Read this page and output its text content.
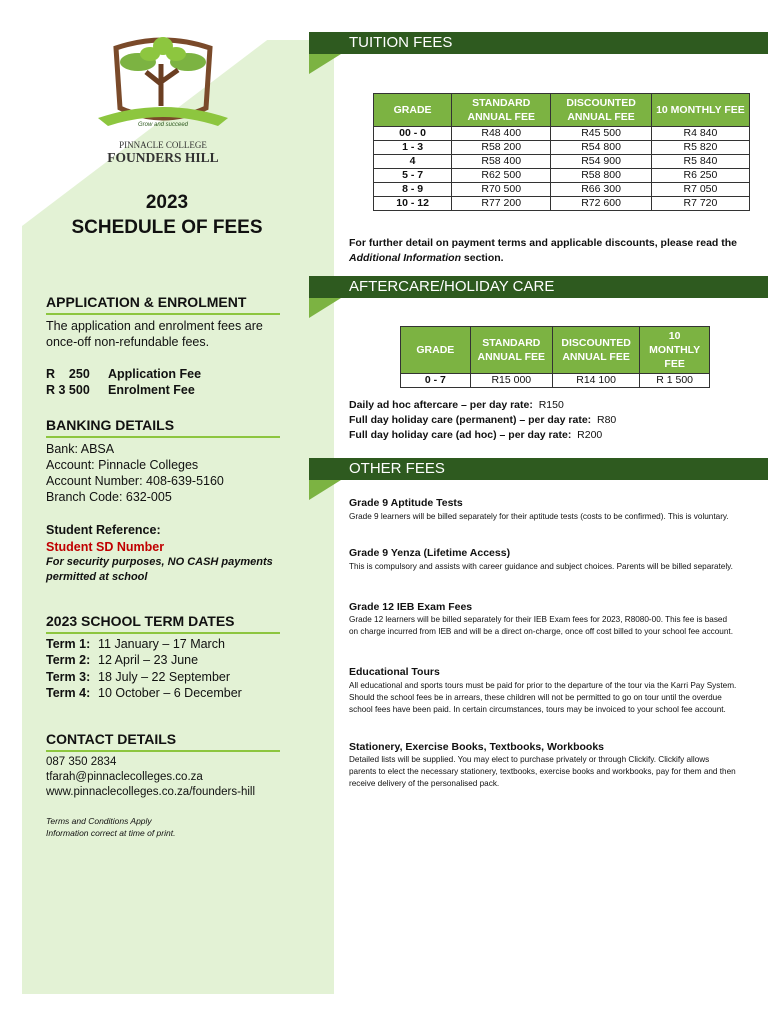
Grow and succeed
PINNACLE COLLEGE
FOUNDERS HILL
2023
SCHEDULE OF FEES
APPLICATION & ENROLMENT
The application and enrolment fees are once-off non-refundable fees.
R    250 Application Fee
R 3 500 Enrolment Fee
BANKING DETAILS
Bank: ABSA
Account: Pinnacle Colleges
Account Number: 408-639-5160
Branch Code: 632-005
Student Reference:
Student SD Number
For security purposes, NO CASH payments permitted at school
2023 SCHOOL TERM DATES
Term 1: 11 January – 17 March
Term 2: 12 April – 23 June
Term 3: 18 July – 22 September
Term 4: 10 October – 6 December
CONTACT DETAILS
087 350 2834
tfarah@pinnaclecolleges.co.za
www.pinnaclecolleges.co.za/founders-hill
Terms and Conditions Apply
Information correct at time of print.
TUITION FEES
GRADE	STANDARD ANNUAL FEE	DISCOUNTED ANNUAL FEE	10 MONTHLY FEE
00 - 0	R48 400	R45 500	R4 840
1 - 3	R58 200	R54 800	R5 820
4	R58 400	R54 900	R5 840
5 - 7	R62 500	R58 800	R6 250
8 - 9	R70 500	R66 300	R7 050
10 - 12	R77 200	R72 600	R7 720
For further detail on payment terms and applicable discounts, please read the Additional Information section.
AFTERCARE/HOLIDAY CARE
GRADE	STANDARD ANNUAL FEE	DISCOUNTED ANNUAL FEE	10 MONTHLY FEE
0 - 7	R15 000	R14 100	R 1 500
Daily ad hoc aftercare – per day rate: R150
Full day holiday care (permanent) – per day rate: R80
Full day holiday care (ad hoc) – per day rate: R200
OTHER FEES
Grade 9 Aptitude Tests
Grade 9 learners will be billed separately for their aptitude tests (costs to be confirmed). This is voluntary.
Grade 9 Yenza (Lifetime Access)
This is compulsory and assists with career guidance and subject choices. Parents will be billed separately.
Grade 12 IEB Exam Fees
Grade 12 learners will be billed separately for their IEB Exam fees for 2023, R8080-00. This fee is based on charge incurred from IEB and will be a direct on-charge, once off cost billed to your school fee account.
Educational Tours
All educational and sports tours must be paid for prior to the departure of the tour via the Karri Pay System. Should the school fees be in arrears, these children will not be permitted to go on tour until the overdue school fees have been paid. In certain circumstances, tours may be invoiced to your school fee account.
Stationery, Exercise Books, Textbooks, Workbooks
Detailed lists will be supplied. You may elect to purchase privately or through Clickify. Clickify allows parents to elect the necessary stationery, textbooks, exercise books and workbooks, pay for them and then receive delivery of the personalised pack.
